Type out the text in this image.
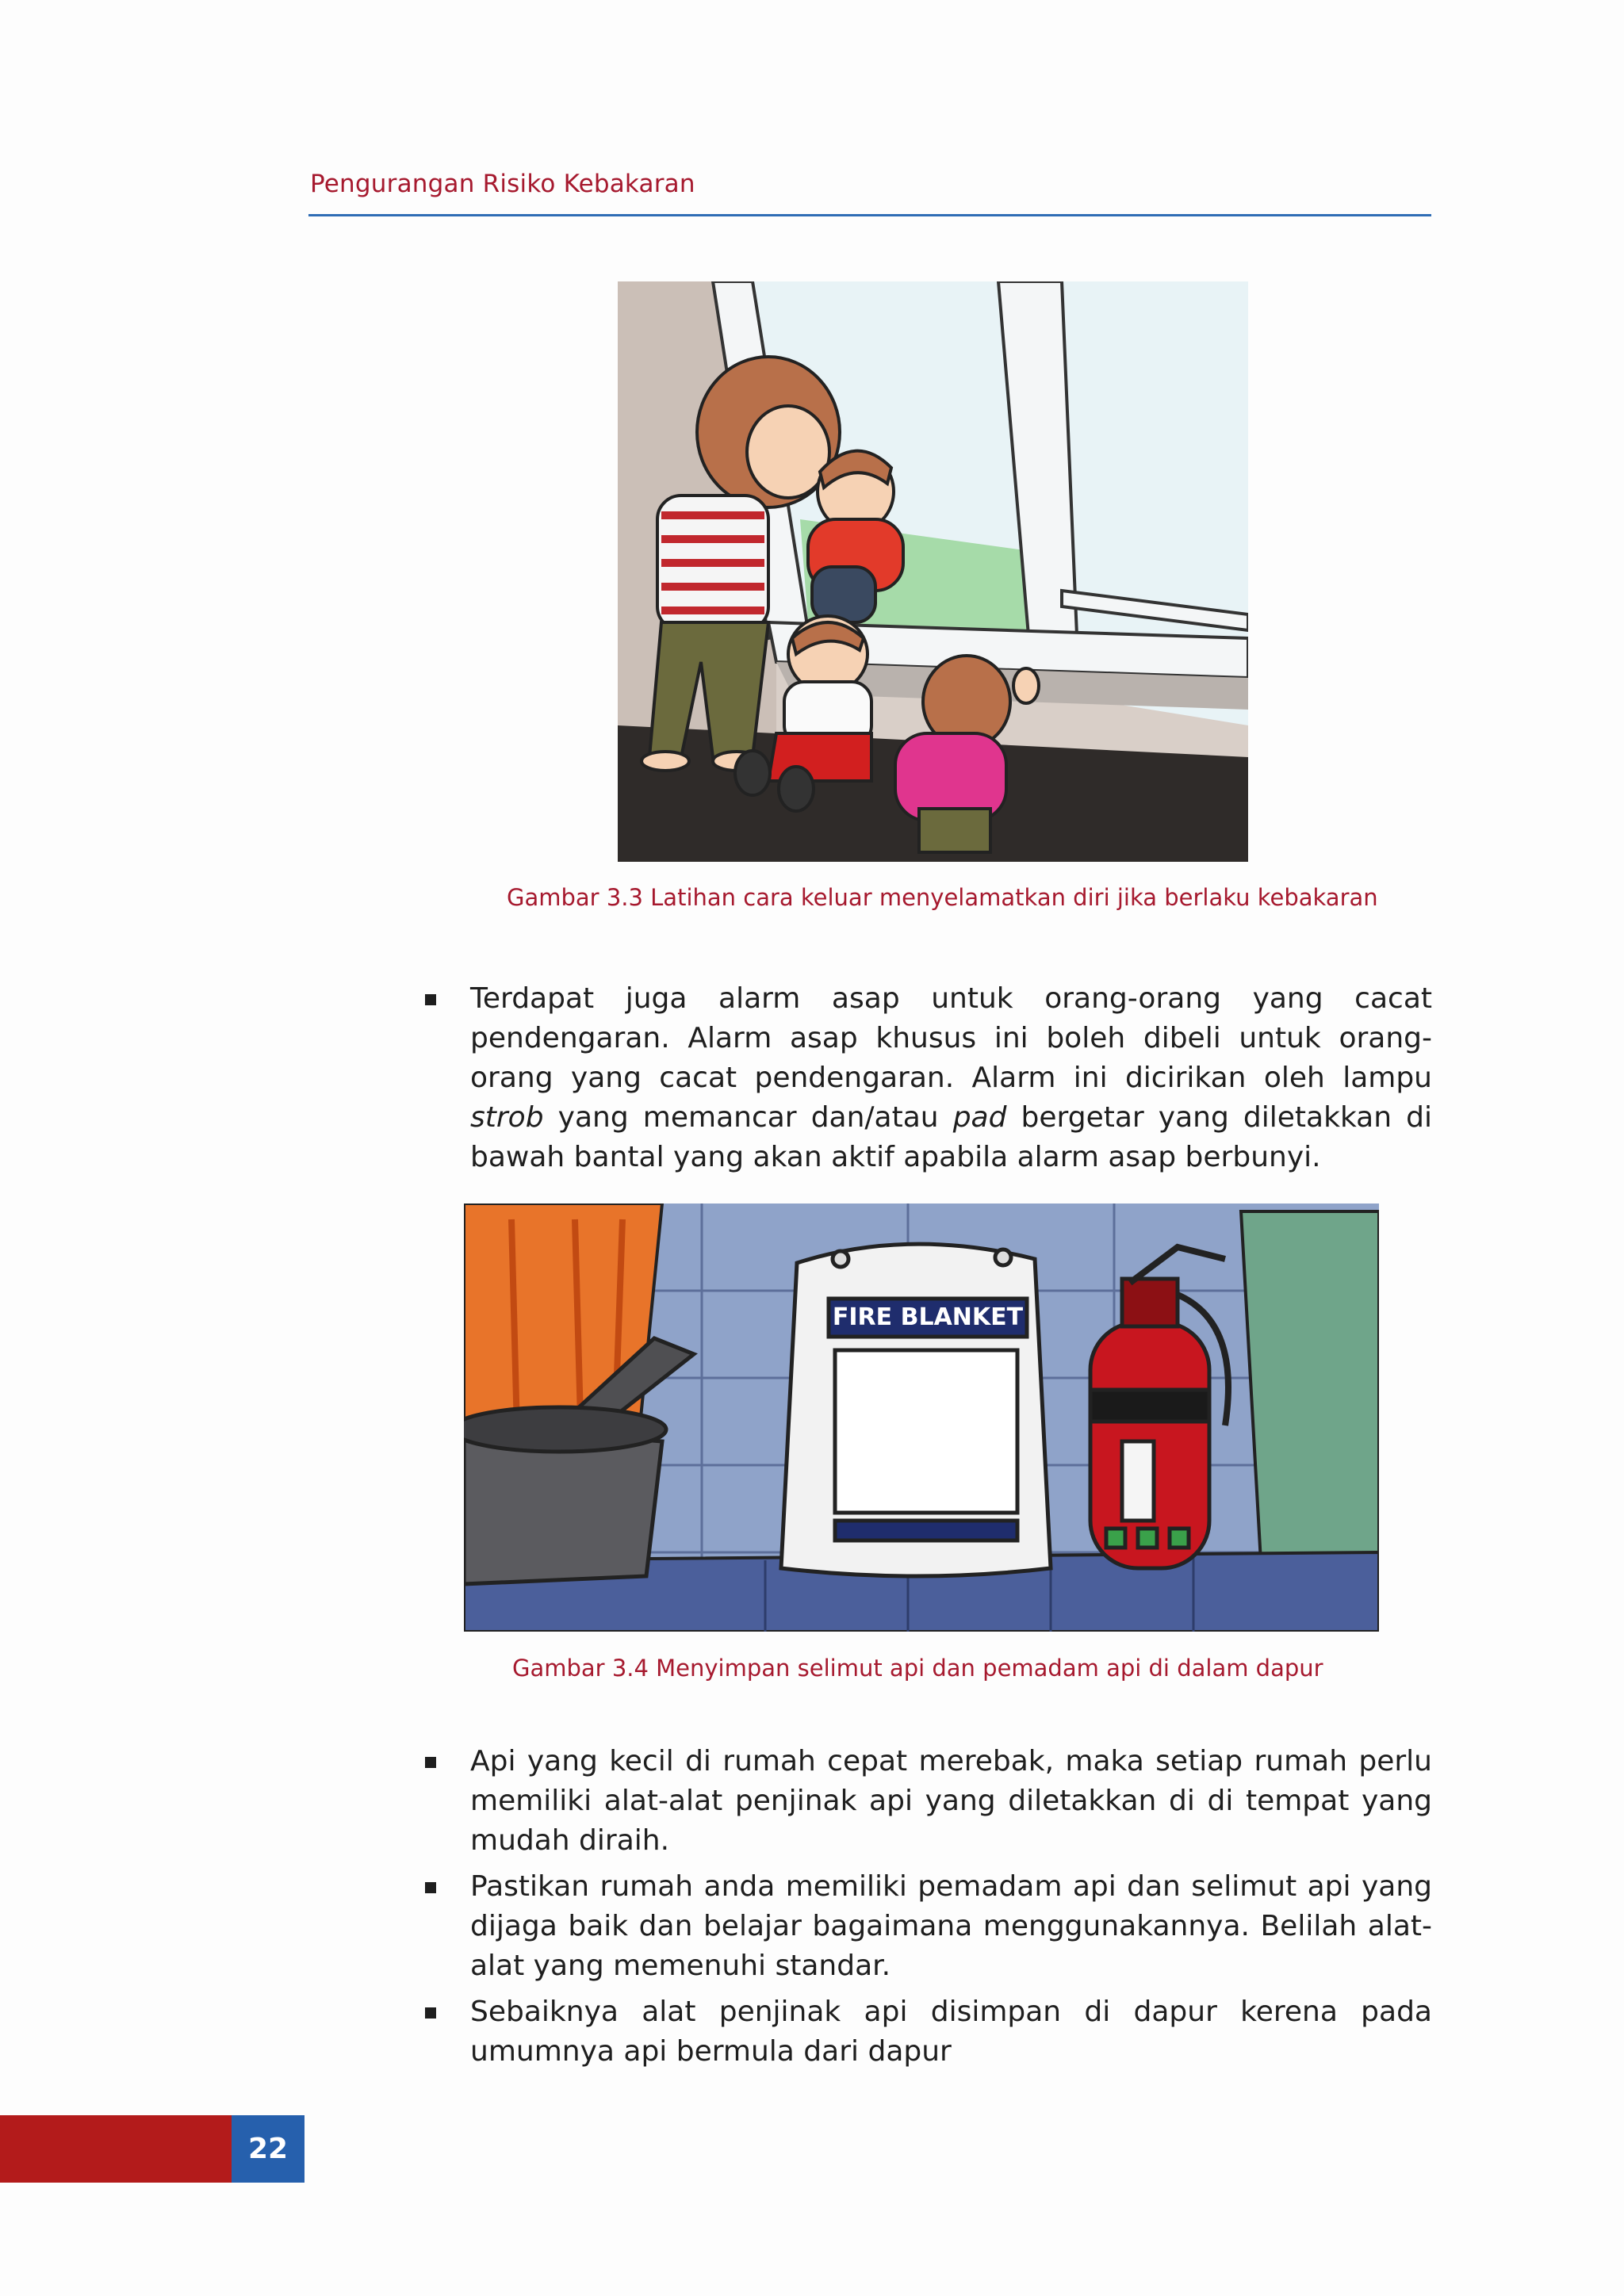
Pengurangan Risiko Kebakaran
Gambar 3.3 Latihan cara keluar menyelamatkan diri jika berlaku kebakaran
Terdapat juga alarm asap untuk orang-orang yang cacat pendengaran. Alarm asap khusus ini boleh dibeli untuk orang-orang yang cacat pendengaran. Alarm ini dicirikan oleh lampu strob yang memancar dan/atau pad bergetar yang diletakkan di bawah bantal yang akan aktif apabila alarm asap berbunyi.
FIRE BLANKET
Gambar 3.4 Menyimpan selimut api dan pemadam api di dalam dapur
Api yang kecil di rumah cepat merebak, maka setiap rumah perlu memiliki alat-alat penjinak api yang diletakkan di di tempat yang mudah diraih.
Pastikan rumah anda memiliki pemadam api dan selimut api yang dijaga baik dan belajar bagaimana menggunakannya. Belilah alat-alat yang memenuhi standar.
Sebaiknya alat penjinak api disimpan di dapur kerena pada umumnya api bermula dari dapur
22
